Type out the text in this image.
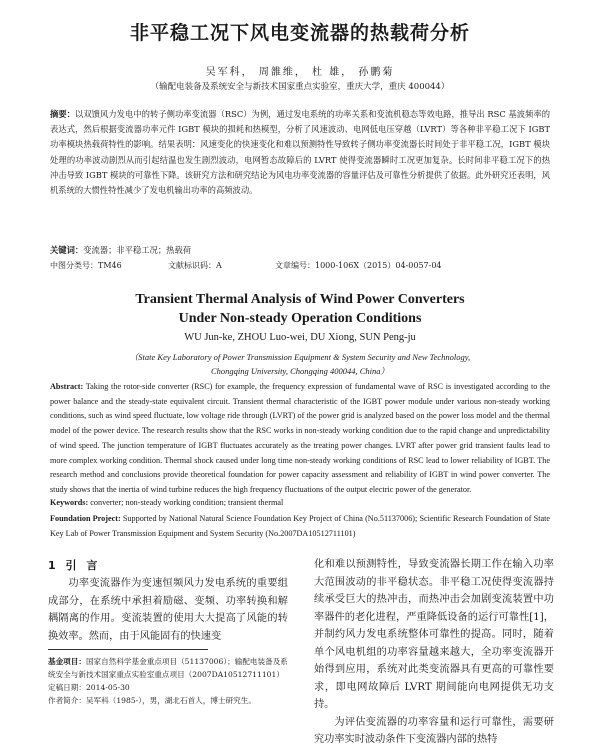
非平稳工况下风电变流器的热载荷分析
吴军科， 周雒维， 杜 雄， 孙鹏菊
（输配电装备及系统安全与新技术国家重点实验室，重庆大学，重庆 400044）

摘要：以双馈风力发电中的转子侧功率变流器（RSC）为例，通过发电系统的功率关系和变流机稳态等效电路，推导出 RSC 基波频率的表达式，然后根据变流器功率元件 IGBT 模块的损耗和热模型，分析了风速波动、电网低电压穿越（LVRT）等各种非平稳工况下 IGBT 功率模块热载荷特性的影响。结果表明：风速变化的快速变化和难以预测特性导致转子侧功率变流器长时间处于非平稳工况，IGBT 模块处理的功率波动剧烈从而引起结温也发生剧烈波动，电网暂态故障后的 LVRT 使得变流器瞬时工况更加复杂。长时间非平稳工况下的热冲击导致 IGBT 模块的可靠性下降。该研究方法和研究结论为风电功率变流器的容量评估及可靠性分析提供了依据。此外研究还表明，风机系统的大惯性特性减少了发电机输出功率的高频波动。

关键词：变流器；非平稳工况；热载荷
中图分类号：TM46	文献标识码：A	文章编号：1000-106X（2015）04-0057-04
Transient Thermal Analysis of Wind Power Converters
Under Non-steady Operation Conditions
WU Jun-ke, ZHOU Luo-wei, DU Xiong, SUN Peng-ju
（State Key Laboratory of Power Transmission Equipment & System Security and New Technology,
Chongqing University, Chongqing 400044, China）

Abstract: Taking the rotor-side converter (RSC) for example, the frequency expression of fundamental wave of RSC is investigated according to the power balance and the steady-state equivalent circuit. Transient thermal characteristic of the IGBT power module under various non-steady working conditions, such as wind speed fluctuate, low voltage ride through (LVRT) of the power grid is analyzed based on the power loss model and the thermal model of the power device. The research results show that the RSC works in non-steady working condition due to the rapid change and unpredictability of wind speed. The junction temperature of IGBT fluctuates accurately as the treating power changes. LVRT after power grid transient faults lead to more complex working condition. Thermal shock caused under long time non-steady working conditions of RSC lead to lower reliability of IGBT. The research method and conclusions provide theoretical foundation for power capacity assessment and reliability of IGBT in wind power converter. The study shows that the inertia of wind turbine reduces the high frequency fluctuations of the output electric power of the generator.

Keywords: converter; non-steady working condition; transient thermal

Foundation Project: Supported by National Natural Science Foundation Key Project of China (No.51137006); Scientific Research Foundation of State Key Lab of Power Transmission Equipment and System Security (No.2007DA10512711101)

1 引 言

功率变流器作为变速恒频风力发电系统的重要组成部分，在系统中承担着励磁、变频、功率转换和解耦隔离的作用。变流装置的使用大大提高了风能的转换效率。然而，由于风能固有的快速变

化和难以预测特性，导致变流器长期工作在输入功率大范围波动的非平稳状态。非平稳工况使得变流器持续承受巨大的热冲击，而热冲击会加剧变流装置中功率器件的老化进程，严重降低设备的运行可靠性[1]，并制约风力发电系统整体可靠性的提高。同时，随着单个风电机组的功率容量越来越大，全功率变流器开始得到应用，系统对此类变流器具有更高的可靠性要求，即电网故障后 LVRT 期间能向电网提供无功支持。

为评估变流器的功率容量和运行可靠性，需要研究功率实时波动条件下变流器内部的热特

基金项目：国家自然科学基金重点项目（51137006）；输配电装备及系统安全与新技术国家重点实验室重点项目（2007DA10512711101）
定稿日期：2014-05-30
作者简介：吴军科（1985-），男，湖北石首人，博士研究生。
